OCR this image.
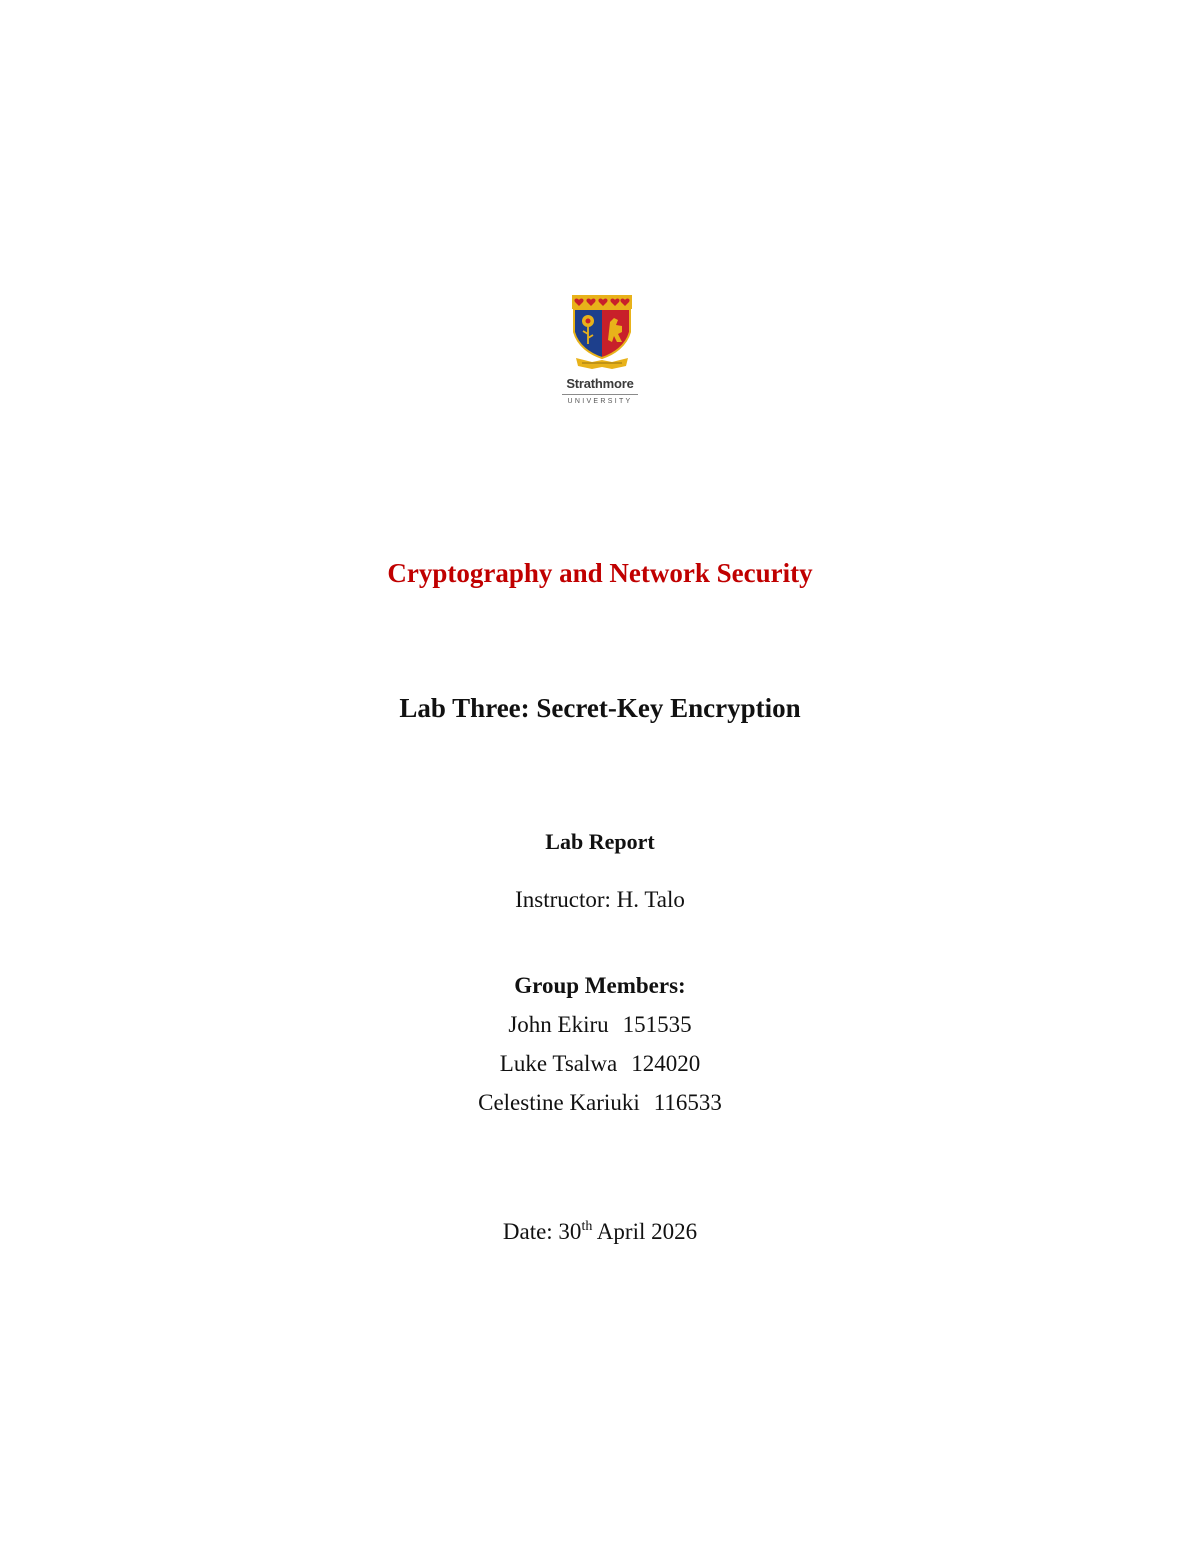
Strathmore
UNIVERSITY
Cryptography and Network Security
Lab Three: Secret-Key Encryption
Lab Report
Instructor: H. Talo
Group Members:
John Ekiru 151535
Luke Tsalwa 124020
Celestine Kariuki 116533
Date: 30th April 2026
